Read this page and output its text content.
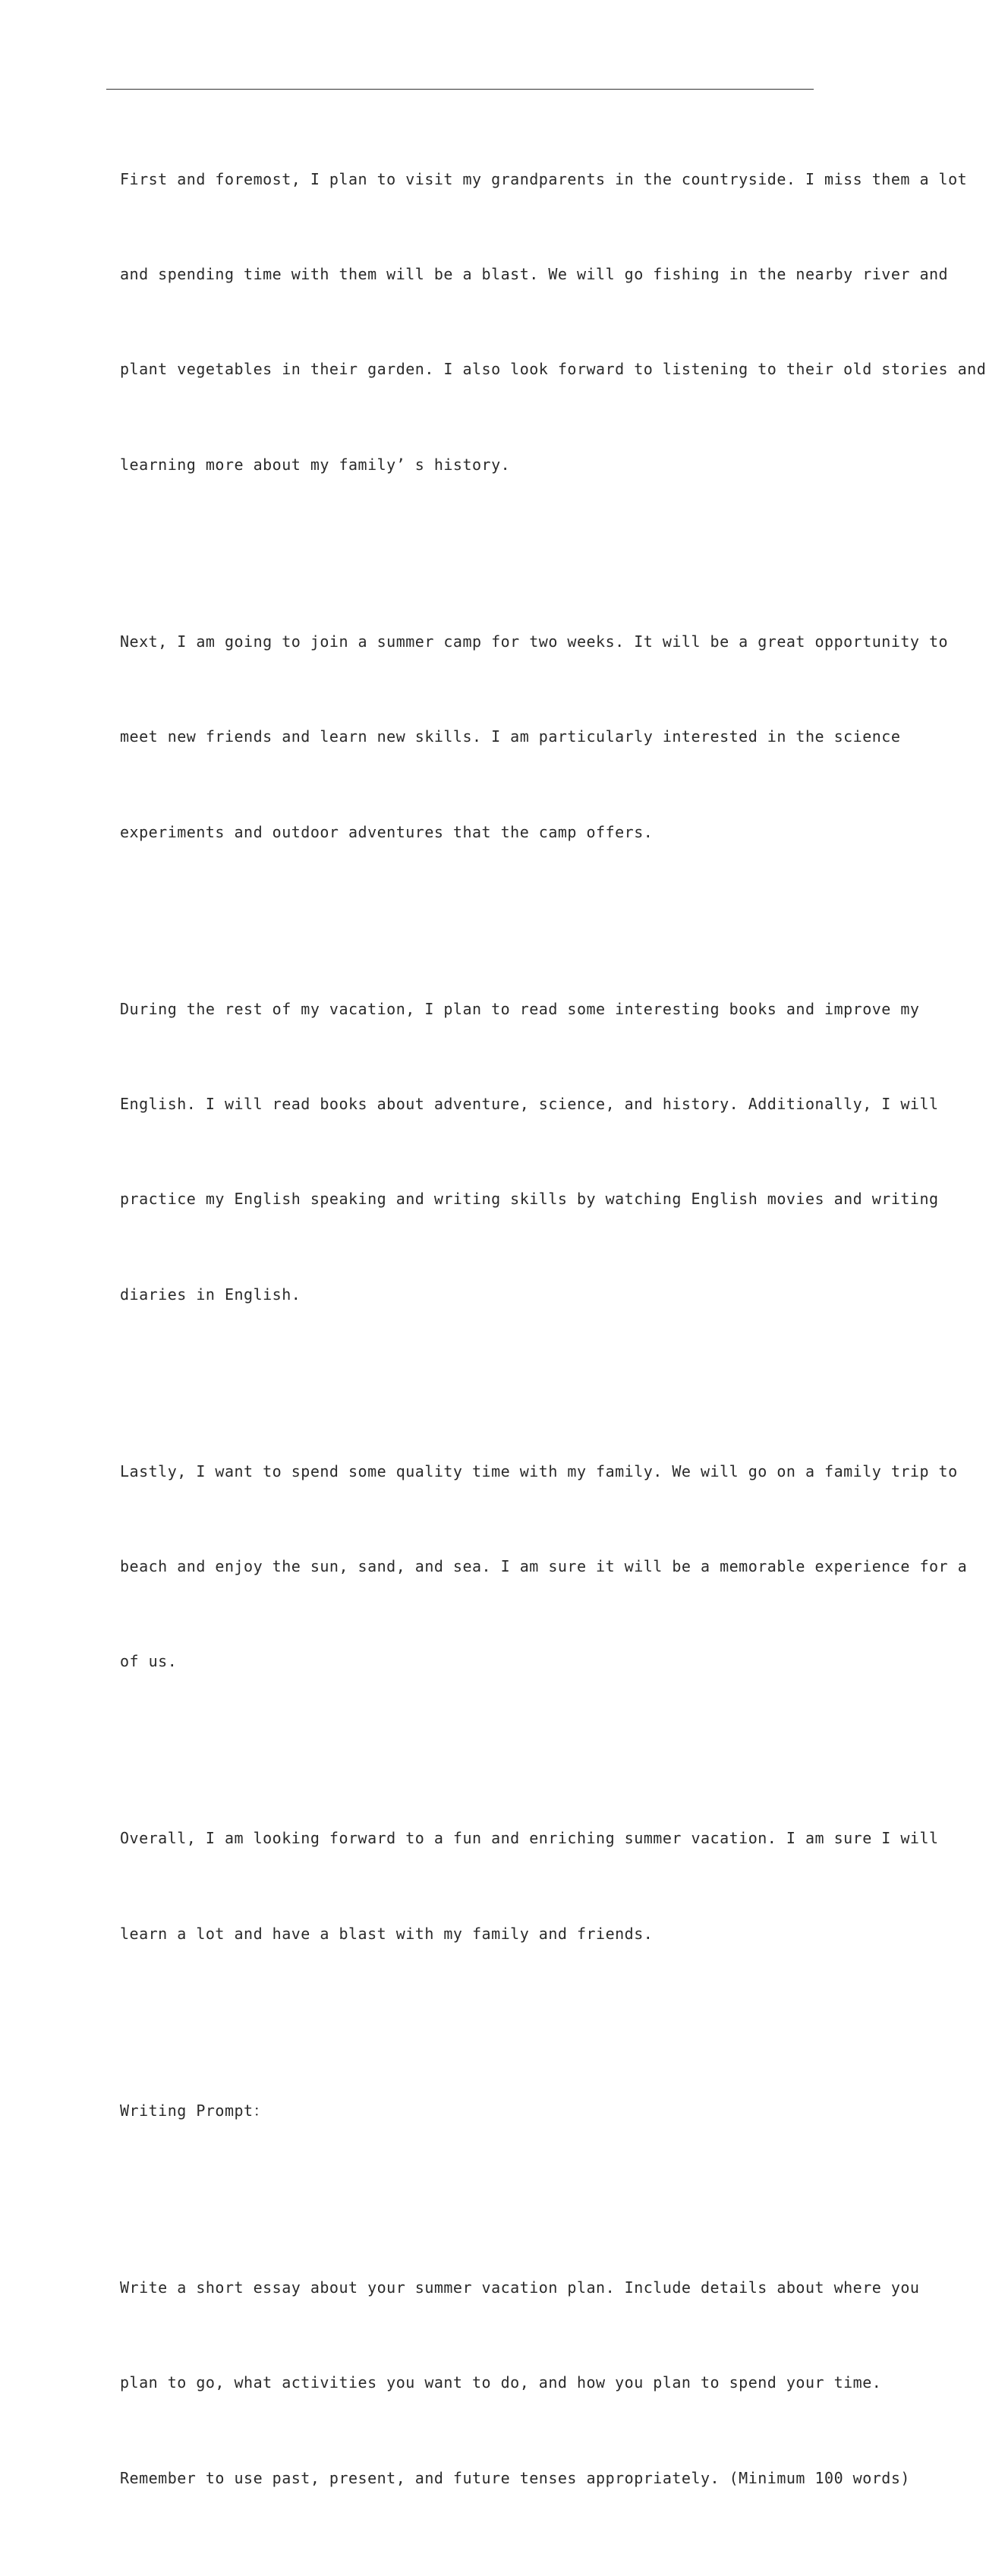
First and foremost, I plan to visit my grandparents in the countryside. I miss them a lot

and spending time with them will be a blast. We will go fishing in the nearby river and

plant vegetables in their garden. I also look forward to listening to their old stories and

learning more about my family’ s history.

Next, I am going to join a summer camp for two weeks. It will be a great opportunity to

meet new friends and learn new skills. I am particularly interested in the science

experiments and outdoor adventures that the camp offers.

During the rest of my vacation, I plan to read some interesting books and improve my

English. I will read books about adventure, science, and history. Additionally, I will

practice my English speaking and writing skills by watching English movies and writing

diaries in English.

Lastly, I want to spend some quality time with my family. We will go on a family trip to

beach and enjoy the sun, sand, and sea. I am sure it will be a memorable experience for a

of us.

Overall, I am looking forward to a fun and enriching summer vacation. I am sure I will

learn a lot and have a blast with my family and friends.

Writing Prompt：

Write a short essay about your summer vacation plan. Include details about where you

plan to go, what activities you want to do, and how you plan to spend your time.

Remember to use past, present, and future tenses appropriately. (Minimum 100 words)
